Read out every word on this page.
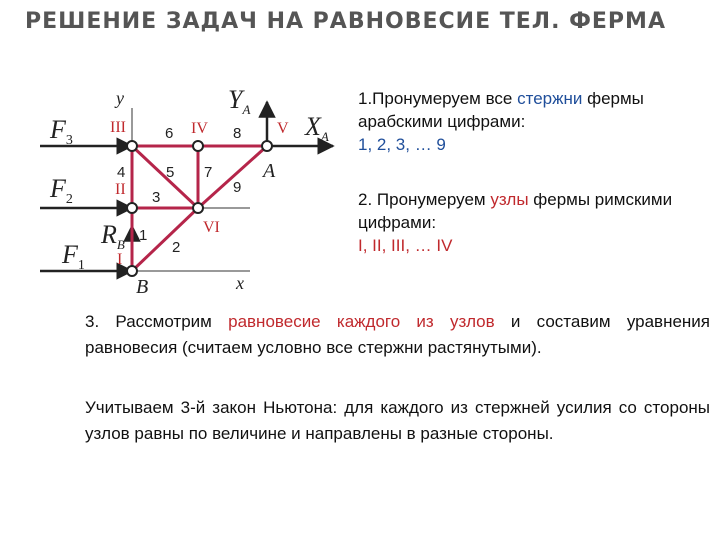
РЕШЕНИЕ ЗАДАЧ НА РАВНОВЕСИЕ ТЕЛ. ФЕРМА
y
x
$F_3$
$F_2$
$F_1$
$R_B$
$Y_A$
$X_A$
A
B
I
II
III	IV	V
VI
1
2
3
4	5
6
7
8
9

1.Пронумеруем все стержни фермы арабскими цифрами:
1, 2, 3, … 9

2. Пронумеруем узлы фермы римскими цифрами:
I, II, III, … IV

3. Рассмотрим равновесие каждого из узлов и составим уравнения равновесия (считаем условно все стержни растянутыми).

Учитываем 3-й закон Ньютона: для каждого из стержней усилия со стороны узлов равны по величине и направлены в разные стороны.
